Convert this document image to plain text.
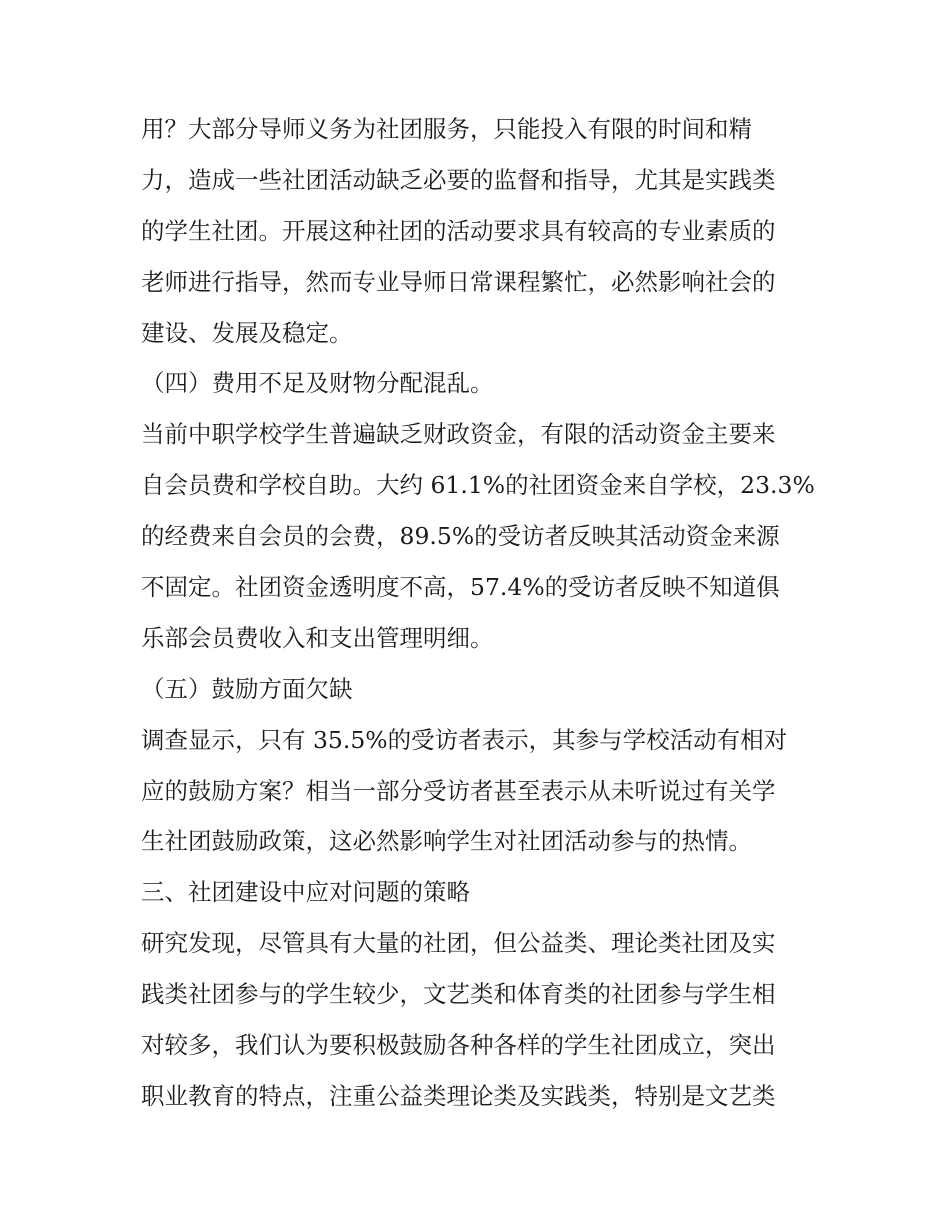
用？大部分导师义务为社团服务，只能投入有限的时间和精
力，造成一些社团活动缺乏必要的监督和指导，尤其是实践类
的学生社团。开展这种社团的活动要求具有较高的专业素质的
老师进行指导，然而专业导师日常课程繁忙，必然影响社会的
建设、发展及稳定。
（四）费用不足及财物分配混乱。
当前中职学校学生普遍缺乏财政资金，有限的活动资金主要来
自会员费和学校自助。大约 61.1%的社团资金来自学校，23.3%
的经费来自会员的会费，89.5%的受访者反映其活动资金来源
不固定。社团资金透明度不高，57.4%的受访者反映不知道俱
乐部会员费收入和支出管理明细。
（五）鼓励方面欠缺
调查显示，只有 35.5%的受访者表示，其参与学校活动有相对
应的鼓励方案？相当一部分受访者甚至表示从未听说过有关学
生社团鼓励政策，这必然影响学生对社团活动参与的热情。
三、社团建设中应对问题的策略
研究发现，尽管具有大量的社团，但公益类、理论类社团及实
践类社团参与的学生较少，文艺类和体育类的社团参与学生相
对较多，我们认为要积极鼓励各种各样的学生社团成立，突出
职业教育的特点，注重公益类理论类及实践类，特别是文艺类
